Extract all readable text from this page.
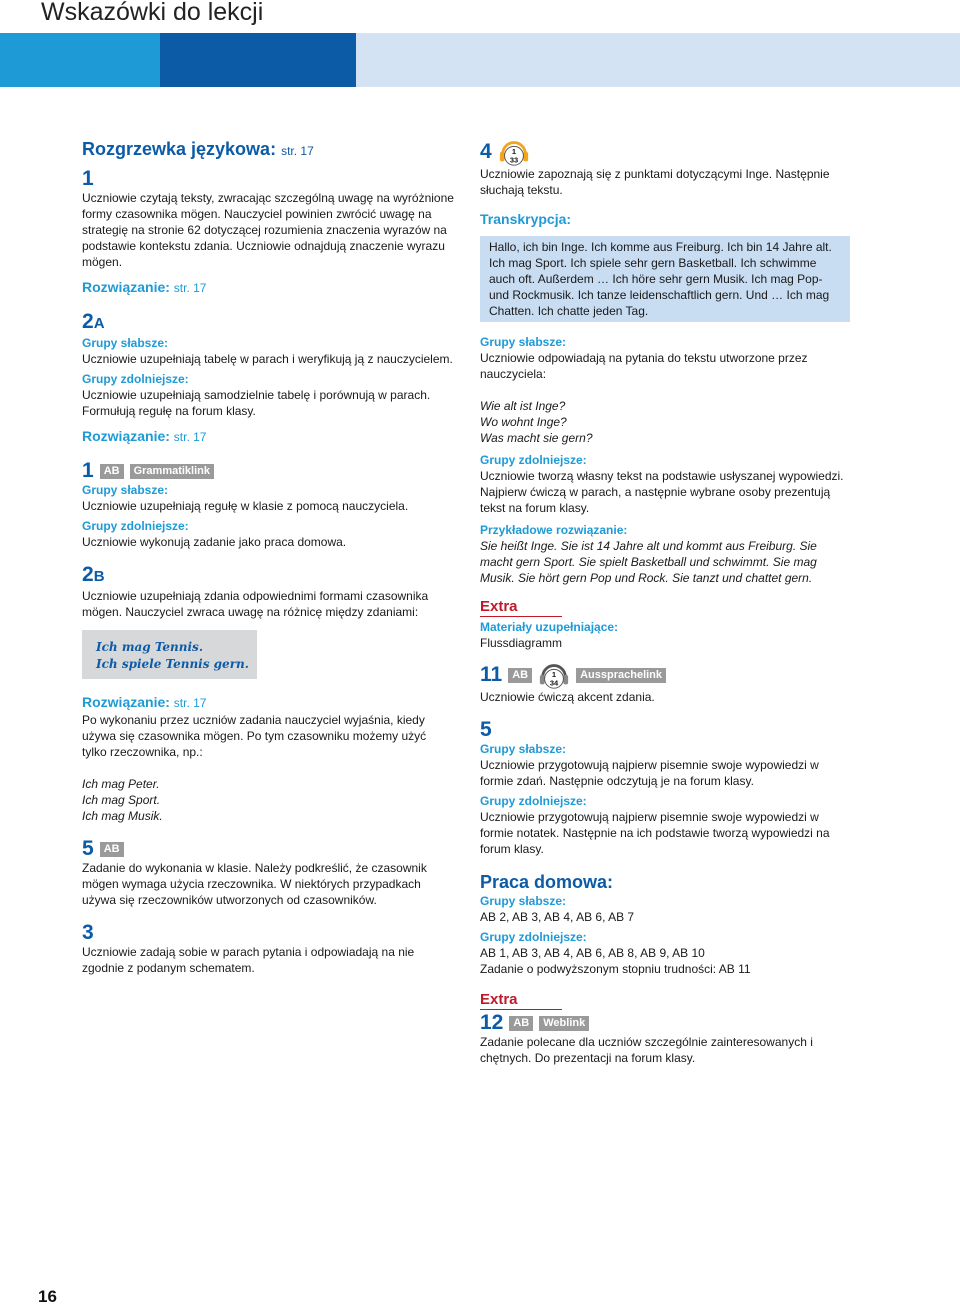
Wskazówki do lekcji

Rozgrzewka językowa: str. 17

1

Uczniowie czytają teksty, zwracając szczególną uwagę na wyróżnione formy czasownika mögen. Nauczyciel powinien zwrócić uwagę na strategię na stronie 62 dotyczącej rozumienia znaczenia wyrazów na podstawie kontekstu zdania. Uczniowie odnajdują znaczenie wyrazu mögen.

Rozwiązanie: str. 17

2A

Grupy słabsze:

Uczniowie uzupełniają tabelę w parach i weryfikują ją z nauczycielem.

Grupy zdolniejsze:

Uczniowie uzupełniają samodzielnie tabelę i porównują w parach. Formułują regułę na forum klasy.

Rozwiązanie: str. 17

1 AB	Grammatiklink

Grupy słabsze:

Uczniowie uzupełniają regułę w klasie z pomocą nauczyciela.

Grupy zdolniejsze:

Uczniowie wykonują zadanie jako praca domowa.

2B

Uczniowie uzupełniają zdania odpowiednimi formami czasownika mögen. Nauczyciel zwraca uwagę na różnicę między zdaniami:

Ich mag Tennis.
Ich spiele Tennis gern.

Rozwiązanie: str. 17

Po wykonaniu przez uczniów zadania nauczyciel wyjaśnia, kiedy używa się czasownika mögen. Po tym czasowniku możemy użyć tylko rzeczownika, np.:

Ich mag Peter.

Ich mag Sport.

Ich mag Musik.

5 AB

Zadanie do wykonania w klasie. Należy podkreślić, że czasownik mögen wymaga użycia rzeczownika. W niektórych przypadkach używa się rzeczowników utworzonych od czasowników.

3

Uczniowie zadają sobie w parach pytania i odpowiadają na nie zgodnie z podanym schematem.

4 1
33

Uczniowie zapoznają się z punktami dotyczącymi Inge. Następnie słuchają tekstu.

Transkrypcja:

Hallo, ich bin Inge. Ich komme aus Freiburg. Ich bin 14 Jahre alt. Ich mag Sport. Ich spiele sehr gern Basketball. Ich schwimme auch oft. Außerdem … Ich höre sehr gern Musik. Ich mag Pop- und Rockmusik. Ich tanze leidenschaftlich gern. Und … Ich mag Chatten. Ich chatte jeden Tag.

Grupy słabsze:

Uczniowie odpowiadają na pytania do tekstu utworzone przez nauczyciela:

Wie alt ist Inge?

Wo wohnt Inge?

Was macht sie gern?

Grupy zdolniejsze:

Uczniowie tworzą własny tekst na podstawie usłyszanej wypowiedzi. Najpierw ćwiczą w parach, a następnie wybrane osoby prezentują tekst na forum klasy.

Przykładowe rozwiązanie:

Sie heißt Inge. Sie ist 14 Jahre alt und kommt aus Freiburg. Sie macht gern Sport. Sie spielt Basketball und schwimmt. Sie mag Musik. Sie hört gern Pop und Rock. Sie tanzt und chattet gern.

Extra

Materiały uzupełniające:

Flussdiagramm

11 AB	1
34
Aussprachelink

Uczniowie ćwiczą akcent zdania.

5

Grupy słabsze:

Uczniowie przygotowują najpierw pisemnie swoje wypowiedzi w formie zdań. Następnie odczytują je na forum klasy.

Grupy zdolniejsze:

Uczniowie przygotowują najpierw pisemnie swoje wypowiedzi w formie notatek. Następnie na ich podstawie tworzą wypowiedzi na forum klasy.

Praca domowa:

Grupy słabsze:

AB 2, AB 3, AB 4, AB 6, AB 7

Grupy zdolniejsze:

AB 1, AB 3, AB 4, AB 6, AB 8, AB 9, AB 10

Zadanie o podwyższonym stopniu trudności: AB 11

Extra

12 AB	Weblink

Zadanie polecane dla uczniów szczególnie zainteresowanych i chętnych. Do prezentacji na forum klasy.

16
